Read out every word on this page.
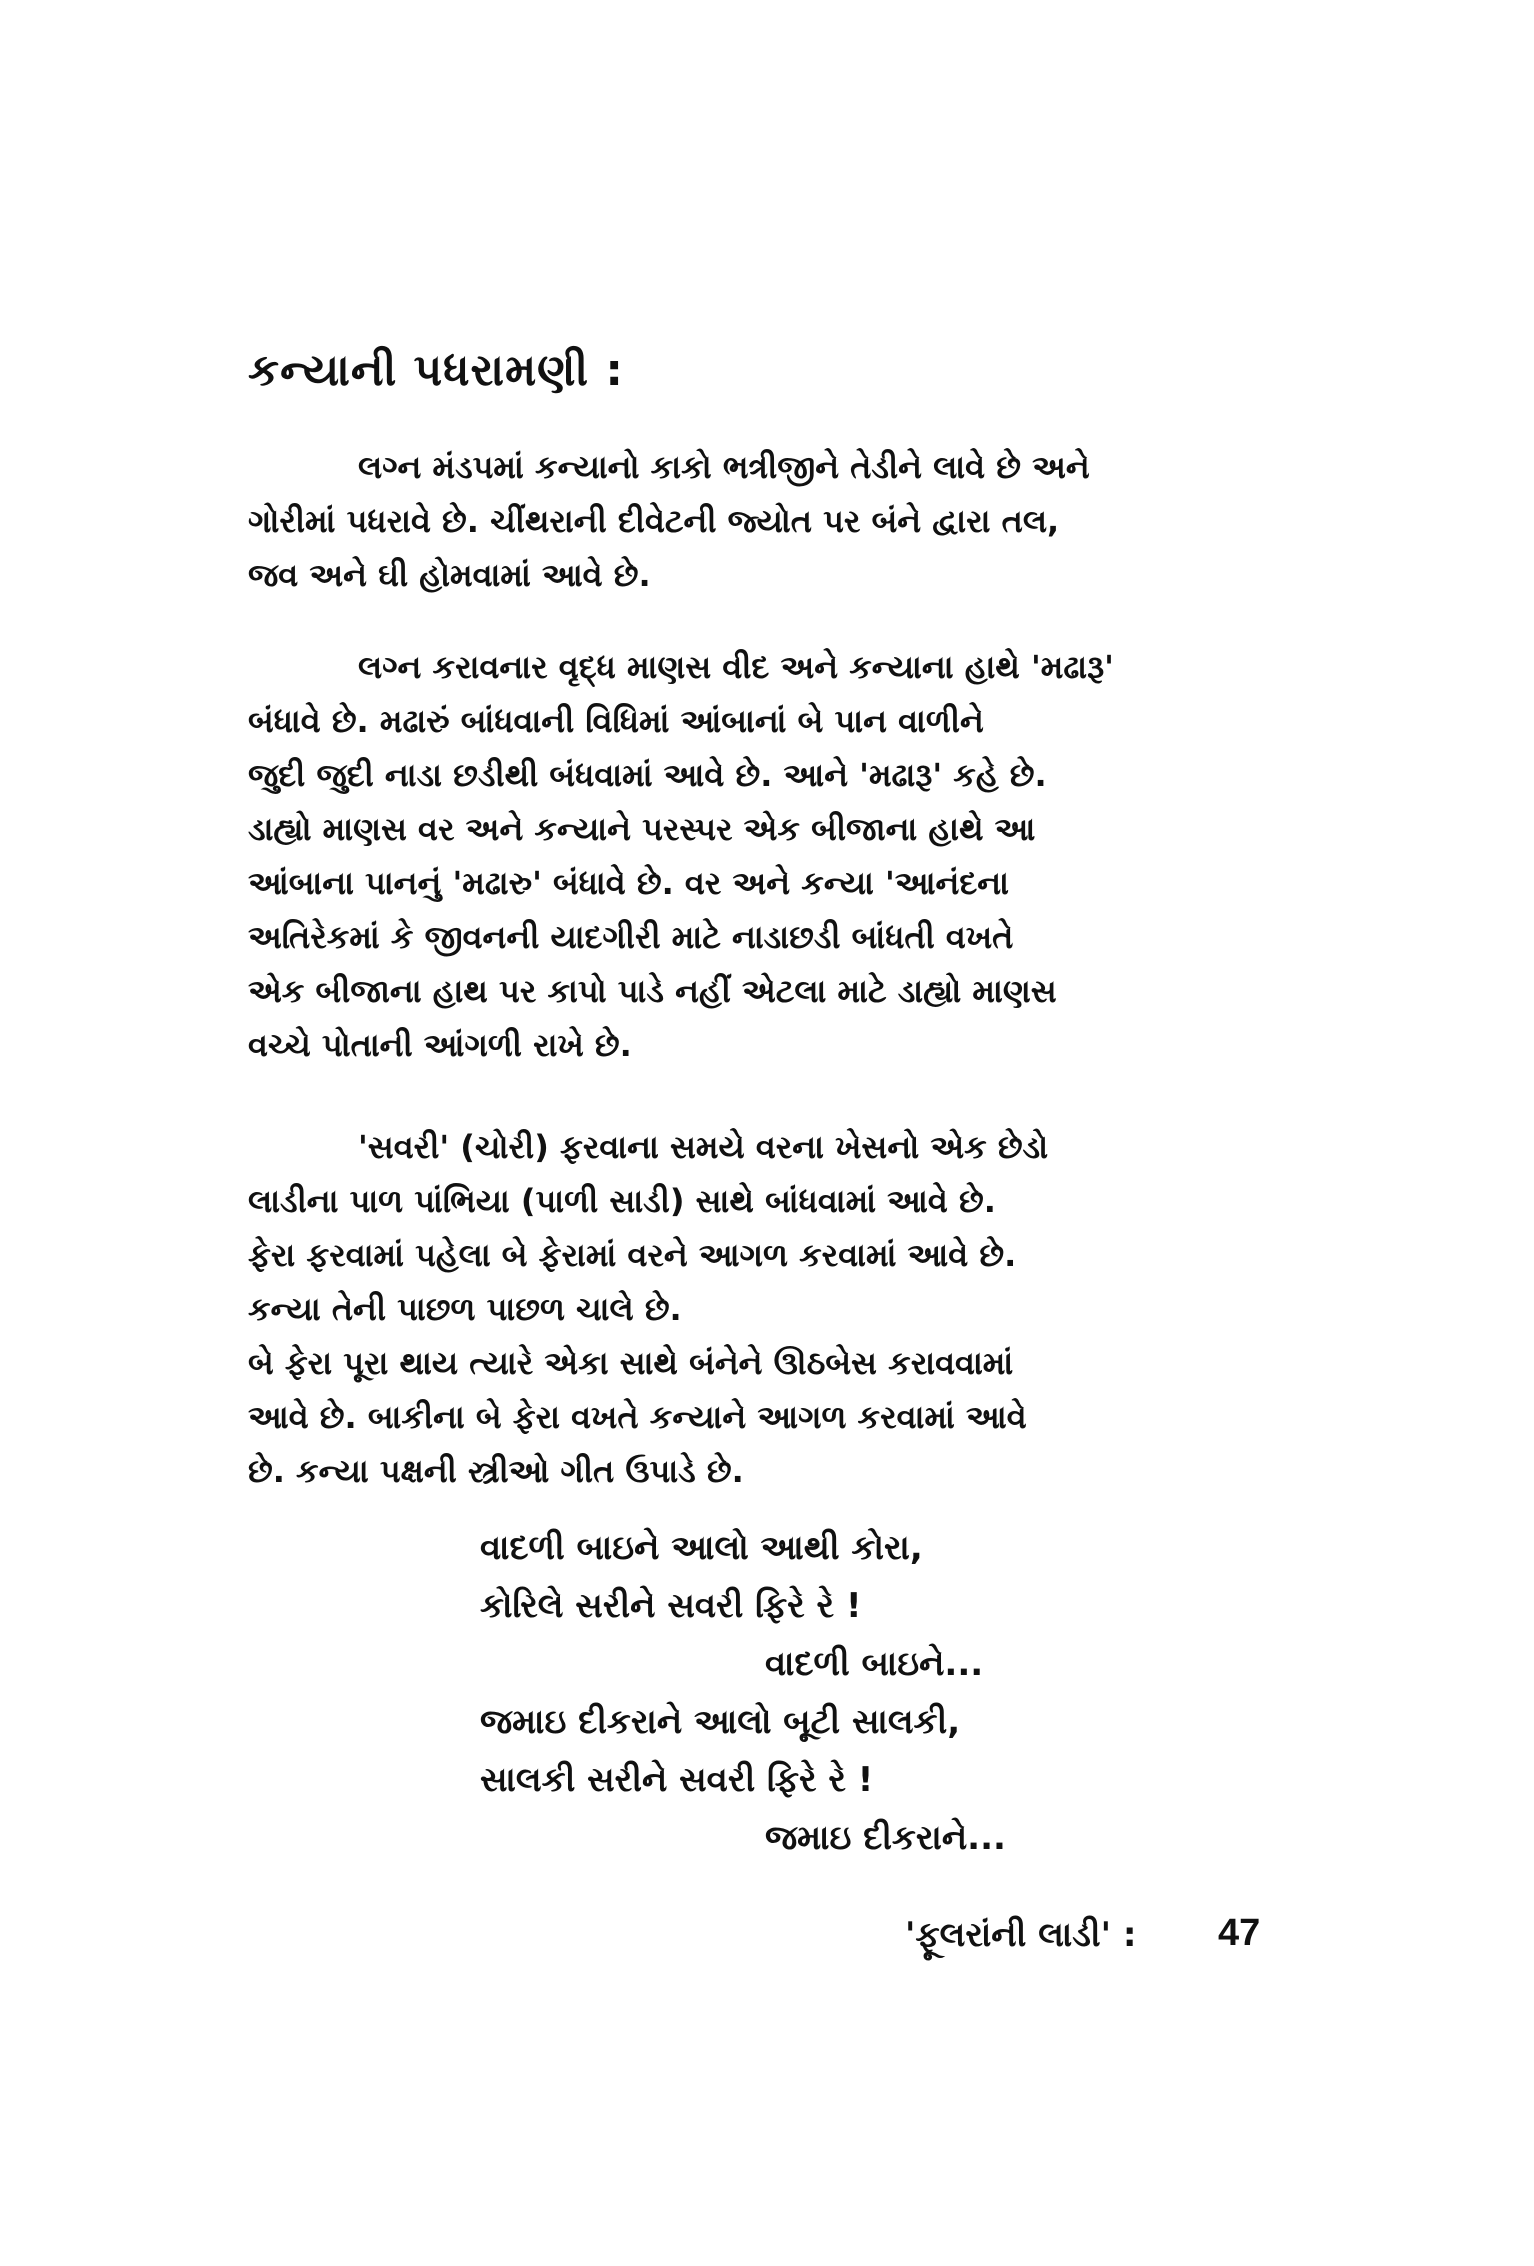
કન્યાની પધરામણી :
લગ્ન મંડપમાં કન્યાનો કાકો ભત્રીજીને તેડીને લાવે છે અને
ગોરીમાં પધરાવે છે. ચીંથરાની દીવેટની જ્યોત પર બંને દ્વારા તલ,
જવ અને ઘી હોમવામાં આવે છે.
લગ્ન કરાવનાર વૃદ્ધ માણસ વીદ અને કન્યાના હાથે 'મઢારૂ'
બંધાવે છે. મઢારું બાંધવાની વિધિમાં આંબાનાં બે પાન વાળીને
જુદી જુદી નાડા છડીથી બંધવામાં આવે છે. આને 'મઢારૂ' કહે છે.
ડાહ્યો માણસ વર અને કન્યાને પરસ્પર એક બીજાના હાથે આ
આંબાના પાનનું 'મઢારુ' બંધાવે છે. વર અને કન્યા 'આનંદના
અતિરેકમાં કે જીવનની યાદગીરી માટે નાડાછડી બાંધતી વખતે
એક બીજાના હાથ પર કાપો પાડે નહીં એટલા માટે ડાહ્યો માણસ
વચ્ચે પોતાની આંગળી રાખે છે.
'સવરી' (ચોરી) ફરવાના સમયે વરના ખેસનો એક છેડો
લાડીના પાળ પાંભિયા (પાળી સાડી) સાથે બાંધવામાં આવે છે.
ફેરા ફરવામાં પહેલા બે ફેરામાં વરને આગળ કરવામાં આવે છે.
કન્યા તેની પાછળ પાછળ ચાલે છે.
બે ફેરા પૂરા થાય ત્યારે એકા સાથે બંનેને ઊઠબેસ કરાવવામાં
આવે છે. બાકીના બે ફેરા વખતે કન્યાને આગળ કરવામાં આવે
છે. કન્યા પક્ષની સ્ત્રીઓ ગીત ઉપાડે છે.
વાદળી બાઇને આલો આથી કોરા,
કોરિલે સરીને સવરી ફિરે રે !
વાદળી બાઇને...
જમાઇ દીકરાને આલો બૂટી સાલકી,
સાલકી સરીને સવરી ફિરે રે !
જમાઇ દીકરાને...
'ફૂલરાંની લાડી' : 47
